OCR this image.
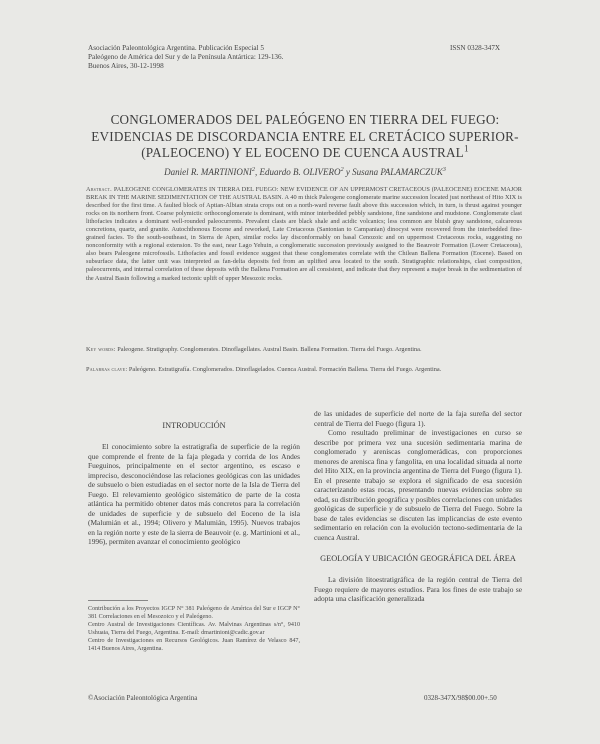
Asociación Paleontológica Argentina. Publicación Especial 5
Paleógeno de América del Sur y de la Península Antártica: 129-136.
Buenos Aires, 30-12-1998
ISSN 0328-347X
CONGLOMERADOS DEL PALEÓGENO EN TIERRA DEL FUEGO:
EVIDENCIAS DE DISCORDANCIA ENTRE EL CRETÁCICO SUPERIOR-
(PALEOCENO) Y EL EOCENO DE CUENCA AUSTRAL$^1$
Daniel R. MARTINIONI$^2$, Eduardo B. OLIVERO$^2$ y Susana PALAMARCZUK$^3$

Abstract. PALEOGENE CONGLOMERATES IN TIERRA DEL FUEGO: NEW EVIDENCE OF AN UPPERMOST CRETACEOUS (PALEOCENE) EOCENE MAJOR BREAK IN THE MARINE SEDIMENTATION OF THE AUSTRAL BASIN. A 40 m thick Paleogene conglomerate marine succession located just northeast of Hito XIX is described for the first time. A faulted block of Aptian-Albian strata crops out on a north-ward reverse fault above this succession which, in turn, is thrust against younger rocks on its northern front. Coarse polymictic orthoconglomerate is dominant, with minor interbedded pebbly sandstone, fine sandstone and mudstone. Conglomerate clast lithofacies indicates a dominant well-rounded paleocurrents. Prevalent clasts are black shale and acidic volcanics; less common are bluish gray sandstone, calcareous concretions, quartz, and granite. Autochthonous Eocene and reworked, Late Cretaceous (Santonian to Campanian) dinocyst were recovered from the interbedded fine-grained facies. To the south-southeast, in Sierra de Apen, similar rocks lay disconformably on basal Cenozoic and on uppermost Cretaceous rocks, suggesting no nonconformity with a regional extension. To the east, near Lago Yehuin, a conglomeratic succession previously assigned to the Beauvoir Formation (Lower Cretaceous), also bears Paleogene microfossils. Lithofacies and fossil evidence suggest that these conglomerates correlate with the Chilean Ballena Formation (Eocene). Based on subsurface data, the latter unit was interpreted as fan-delta deposits fed from an uplifted area located to the south. Stratigraphic relationships, clast composition, paleocurrents, and internal correlation of these deposits with the Ballena Formation are all consistent, and indicate that they represent a major break in the sedimentation of the Austral Basin following a marked tectonic uplift of upper Mesozoic rocks.

Key words: Paleogene. Stratigraphy. Conglomerates. Dinoflagellates. Austral Basin. Ballena Formation. Tierra del Fuego. Argentina.
Palabras clave: Paleógeno. Estratigrafía. Conglomerados. Dinoflagelados. Cuenca Austral. Formación Ballena. Tierra del Fuego. Argentina.
INTRODUCCIÓN

El conocimiento sobre la estratigrafía de superficie de la región que comprende el frente de la faja plegada y corrida de los Andes Fueguinos, principalmente en el sector argentino, es escaso e impreciso, desconociéndose las relaciones geológicas con las unidades de subsuelo o bien estudiadas en el sector norte de la Isla de Tierra del Fuego. El relevamiento geológico sistemático de parte de la costa atlántica ha permitido obtener datos más concretos para la correlación de unidades de superficie y de subsuelo del Eoceno de la isla (Malumián et al., 1994; Olivero y Malumián, 1995). Nuevos trabajos en la región norte y este de la sierra de Beauvoir (e. g. Martinioni et al., 1996), permiten avanzar el conocimiento geológico

Contribución a los Proyectos IGCP N° 381 Paleógeno de América del Sur e IGCP N° 381 Correlaciones en el Mesozoico y el Paleógeno.

Centro Austral de Investigaciones Científicas. Av. Malvinas Argentinas s/n°, 9410 Ushuaia, Tierra del Fuego, Argentina. E-mail: dmartinioni@cadic.gov.ar

Centro de Investigaciones en Recursos Geológicos. Juan Ramírez de Velasco 847, 1414 Buenos Aires, Argentina.

de las unidades de superficie del norte de la faja sureña del sector central de Tierra del Fuego (figura 1).

Como resultado preliminar de investigaciones en curso se describe por primera vez una sucesión sedimentaria marina de conglomerado y areniscas conglomerádicas, con proporciones menores de arenisca fina y fangolita, en una localidad situada al norte del Hito XIX, en la provincia argentina de Tierra del Fuego (figura 1). En el presente trabajo se explora el significado de esa sucesión caracterizando estas rocas, presentando nuevas evidencias sobre su edad, su distribución geográfica y posibles correlaciones con unidades geológicas de superficie y de subsuelo de Tierra del Fuego. Sobre la base de tales evidencias se discuten las implicancias de este evento sedimentario en relación con la evolución tectono-sedimentaria de la cuenca Austral.

GEOLOGÍA Y UBICACIÓN GEOGRÁFICA DEL ÁREA

La división litoestratigráfica de la región central de Tierra del Fuego requiere de mayores estudios. Para los fines de este trabajo se adopta una clasificación generalizada

©Asociación Paleontológica Argentina	0328-347X/98$00.00+.50
